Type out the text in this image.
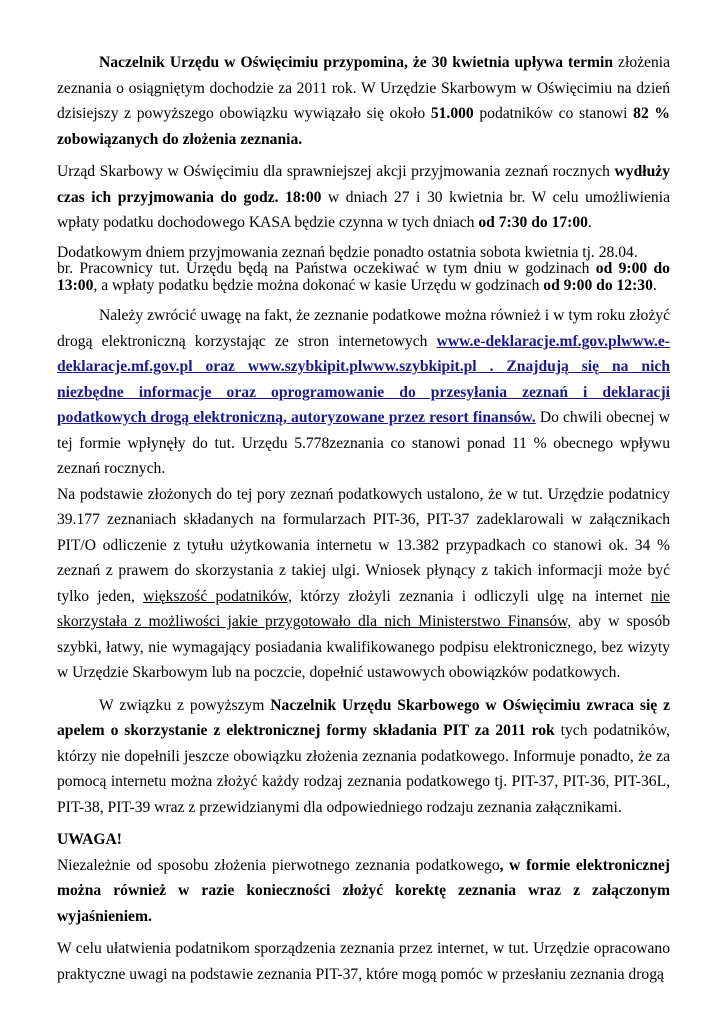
Naczelnik Urzędu w Oświęcimiu przypomina, że 30 kwietnia upływa termin złożenia zeznania o osiągniętym dochodzie za 2011 rok. W Urzędzie Skarbowym w Oświęcimiu na dzień dzisiejszy z powyższego obowiązku wywiązało się około 51.000 podatników co stanowi 82 % zobowiązanych do złożenia zeznania.

Urząd Skarbowy w Oświęcimiu dla sprawniejszej akcji przyjmowania zeznań rocznych wydłuży czas ich przyjmowania do godz. 18:00 w dniach 27 i 30 kwietnia br. W celu umożliwienia wpłaty podatku dochodowego KASA będzie czynna w tych dniach od 7:30 do 17:00.

Dodatkowym dniem przyjmowania zeznań będzie ponadto ostatnia sobota kwietnia tj. 28.04.
br. Pracownicy tut. Urzędu będą na Państwa oczekiwać w tym dniu w godzinach od 9:00 do 13:00, a wpłaty podatku będzie można dokonać w kasie Urzędu w godzinach od 9:00 do 12:30.

Należy zwrócić uwagę na fakt, że zeznanie podatkowe można również i w tym roku złożyć drogą elektroniczną korzystając ze stron internetowych www.e-deklaracje.mf.gov.plwww.e-deklaracje.mf.gov.pl oraz www.szybkipit.plwww.szybkipit.pl . Znajdują się na nich niezbędne informacje oraz oprogramowanie do przesyłania zeznań i deklaracji podatkowych drogą elektroniczną, autoryzowane przez resort finansów. Do chwili obecnej w tej formie wpłynęły do tut. Urzędu 5.778zeznania co stanowi ponad 11 % obecnego wpływu zeznań rocznych.

Na podstawie złożonych do tej pory zeznań podatkowych ustalono, że w tut. Urzędzie podatnicy 39.177 zeznaniach składanych na formularzach PIT-36, PIT-37 zadeklarowali w załącznikach PIT/O odliczenie z tytułu użytkowania internetu w 13.382 przypadkach co stanowi ok. 34 % zeznań z prawem do skorzystania z takiej ulgi. Wniosek płynący z takich informacji może być tylko jeden, większość podatników, którzy złożyli zeznania i odliczyli ulgę na internet nie skorzystała z możliwości jakie przygotowało dla nich Ministerstwo Finansów, aby w sposób szybki, łatwy, nie wymagający posiadania kwalifikowanego podpisu elektronicznego, bez wizyty w Urzędzie Skarbowym lub na poczcie, dopełnić ustawowych obowiązków podatkowych.

W związku z powyższym Naczelnik Urzędu Skarbowego w Oświęcimiu zwraca się z apelem o skorzystanie z elektronicznej formy składania PIT za 2011 rok tych podatników, którzy nie dopełnili jeszcze obowiązku złożenia zeznania podatkowego. Informuje ponadto, że za pomocą internetu można złożyć każdy rodzaj zeznania podatkowego tj. PIT-37, PIT-36, PIT-36L, PIT-38, PIT-39 wraz z przewidzianymi dla odpowiedniego rodzaju zeznania załącznikami.

UWAGA!

Niezależnie od sposobu złożenia pierwotnego zeznania podatkowego, w formie elektronicznej można również w razie konieczności złożyć korektę zeznania wraz z załączonym wyjaśnieniem.

W celu ułatwienia podatnikom sporządzenia zeznania przez internet, w tut. Urzędzie opracowano praktyczne uwagi na podstawie zeznania PIT-37, które mogą pomóc w przesłaniu zeznania drogą
